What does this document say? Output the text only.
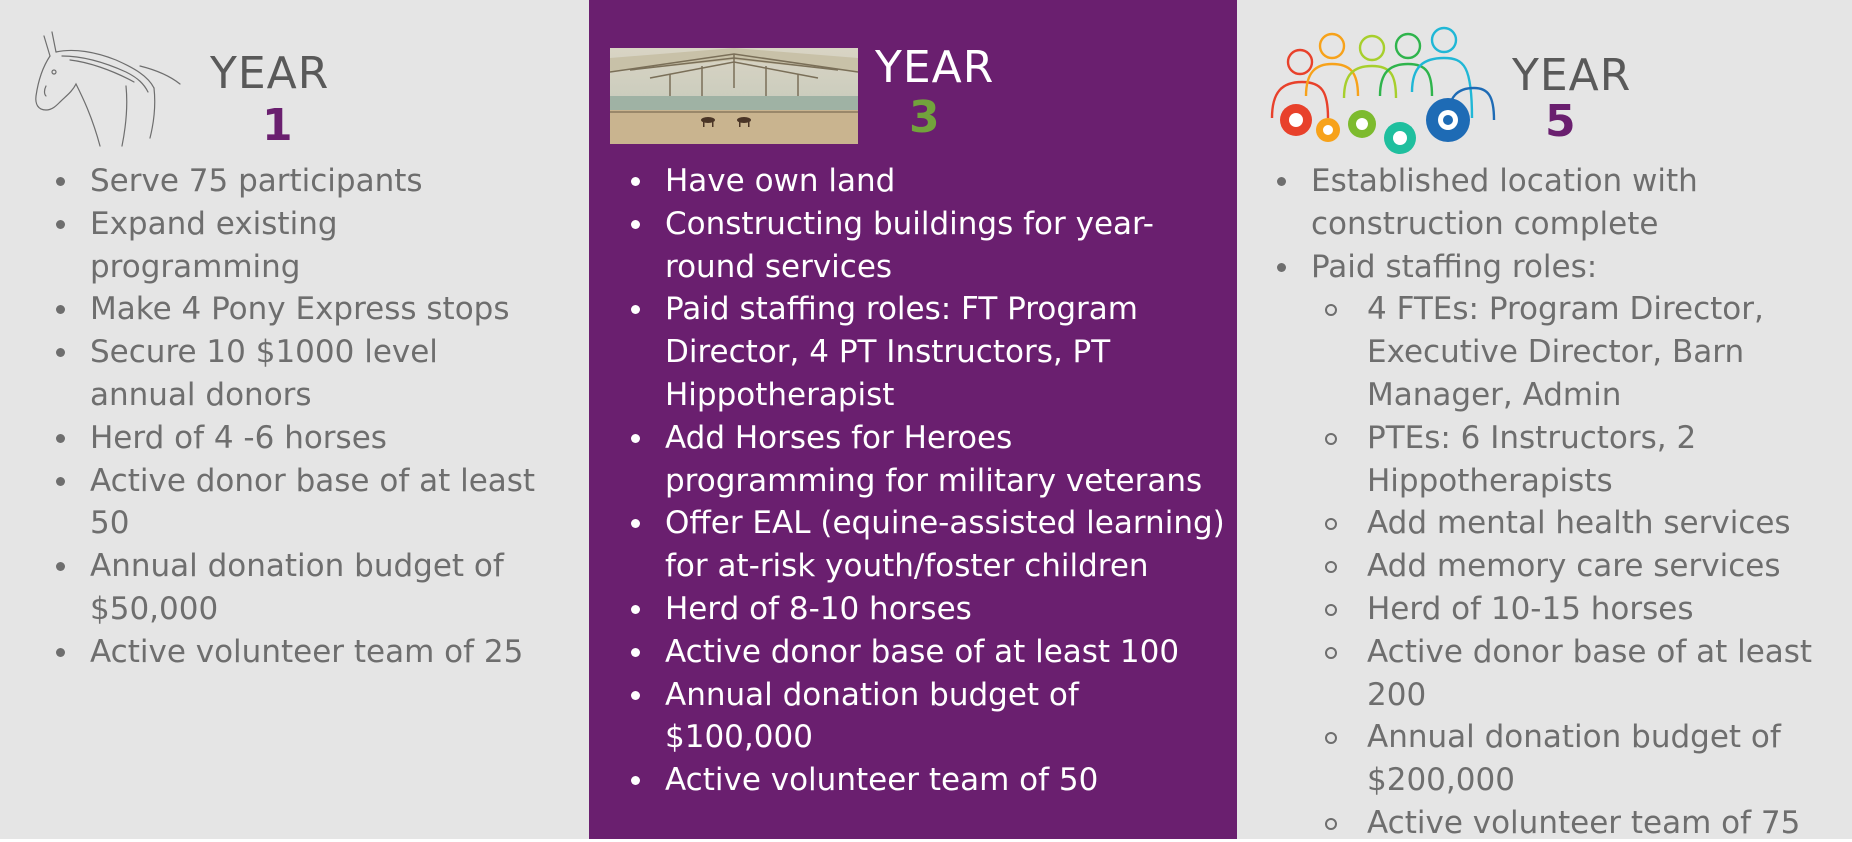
YEAR
1
Serve 75 participants
Expand existing programming
Make 4 Pony Express stops
Secure 10 $1000 level annual donors
Herd of 4 -6 horses
Active donor base of at least 50
Annual donation budget of $50,000
Active volunteer team of 25
YEAR
3
Have own land
Constructing buildings for year-round services
Paid staffing roles: FT Program Director, 4 PT Instructors, PT Hippotherapist
Add Horses for Heroes programming for military veterans
Offer EAL (equine-assisted learning) for at-risk youth/foster children
Herd of 8-10 horses
Active donor base of at least 100
Annual donation budget of $100,000
Active volunteer team of 50
YEAR
5
Established location with construction complete
Paid staffing roles:
4 FTEs: Program Director, Executive Director, Barn Manager, Admin
PTEs: 6 Instructors, 2 Hippotherapists
Add mental health services
Add memory care services
Herd of 10-15 horses
Active donor base of at least 200
Annual donation budget of $200,000
Active volunteer team of 75
